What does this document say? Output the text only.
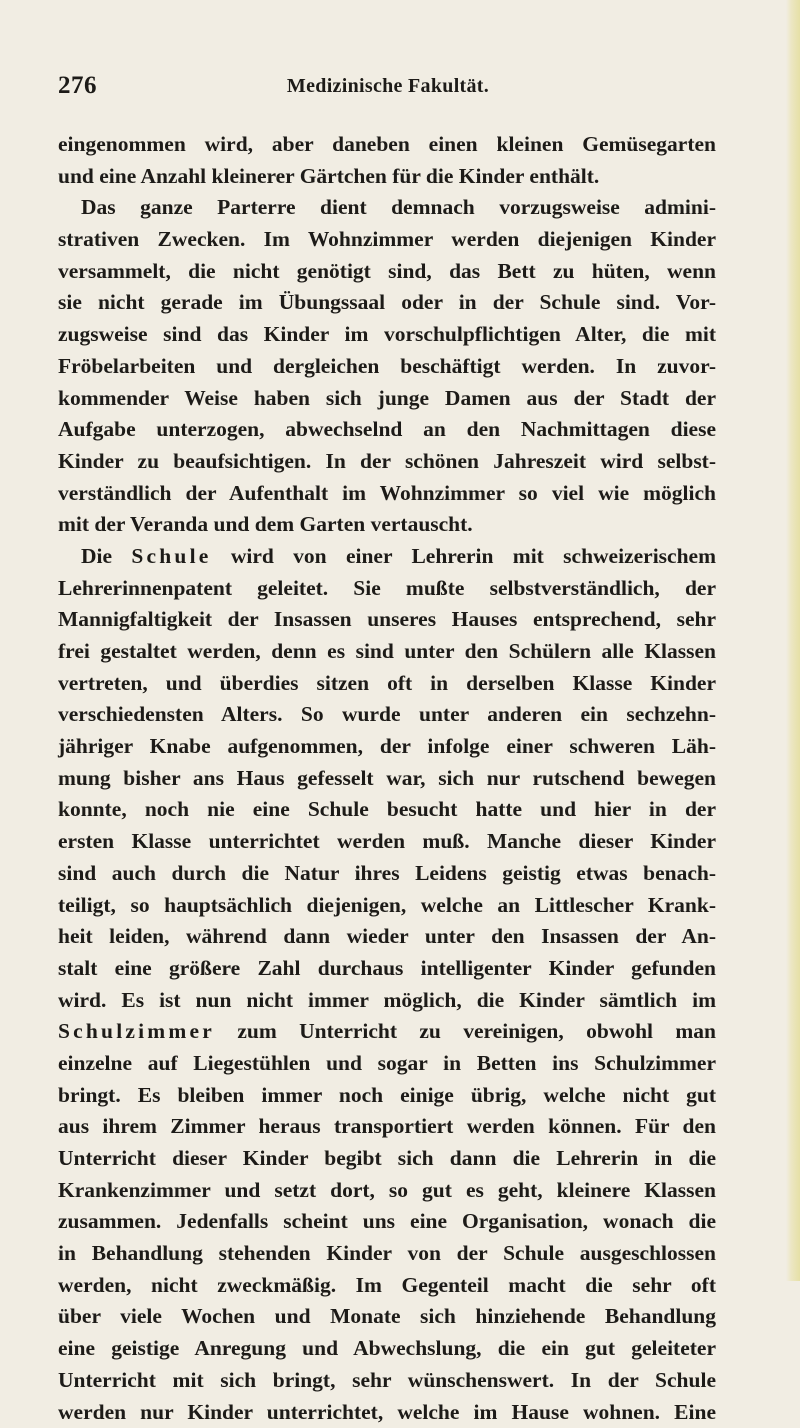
276	Medizinische Fakultät.
eingenommen wird, aber daneben einen kleinen Gemüsegarten
und eine Anzahl kleinerer Gärtchen für die Kinder enthält.
Das ganze Parterre dient demnach vorzugsweise admini-
strativen Zwecken. Im Wohnzimmer werden diejenigen Kinder
versammelt, die nicht genötigt sind, das Bett zu hüten, wenn
sie nicht gerade im Übungssaal oder in der Schule sind. Vor-
zugsweise sind das Kinder im vorschulpflichtigen Alter, die mit
Fröbelarbeiten und dergleichen beschäftigt werden. In zuvor-
kommender Weise haben sich junge Damen aus der Stadt der
Aufgabe unterzogen, abwechselnd an den Nachmittagen diese
Kinder zu beaufsichtigen. In der schönen Jahreszeit wird selbst-
verständlich der Aufenthalt im Wohnzimmer so viel wie möglich
mit der Veranda und dem Garten vertauscht.
Die Schule wird von einer Lehrerin mit schweizerischem
Lehrerinnenpatent geleitet. Sie mußte selbstverständlich, der
Mannigfaltigkeit der Insassen unseres Hauses entsprechend, sehr
frei gestaltet werden, denn es sind unter den Schülern alle Klassen
vertreten, und überdies sitzen oft in derselben Klasse Kinder
verschiedensten Alters. So wurde unter anderen ein sechzehn-
jähriger Knabe aufgenommen, der infolge einer schweren Läh-
mung bisher ans Haus gefesselt war, sich nur rutschend bewegen
konnte, noch nie eine Schule besucht hatte und hier in der
ersten Klasse unterrichtet werden muß. Manche dieser Kinder
sind auch durch die Natur ihres Leidens geistig etwas benach-
teiligt, so hauptsächlich diejenigen, welche an Littlescher Krank-
heit leiden, während dann wieder unter den Insassen der An-
stalt eine größere Zahl durchaus intelligenter Kinder gefunden
wird. Es ist nun nicht immer möglich, die Kinder sämtlich im
Schulzimmer zum Unterricht zu vereinigen, obwohl man
einzelne auf Liegestühlen und sogar in Betten ins Schulzimmer
bringt. Es bleiben immer noch einige übrig, welche nicht gut
aus ihrem Zimmer heraus transportiert werden können. Für den
Unterricht dieser Kinder begibt sich dann die Lehrerin in die
Krankenzimmer und setzt dort, so gut es geht, kleinere Klassen
zusammen. Jedenfalls scheint uns eine Organisation, wonach die
in Behandlung stehenden Kinder von der Schule ausgeschlossen
werden, nicht zweckmäßig. Im Gegenteil macht die sehr oft
über viele Wochen und Monate sich hinziehende Behandlung
eine geistige Anregung und Abwechslung, die ein gut geleiteter
Unterricht mit sich bringt, sehr wünschenswert. In der Schule
werden nur Kinder unterrichtet, welche im Hause wohnen. Eine
